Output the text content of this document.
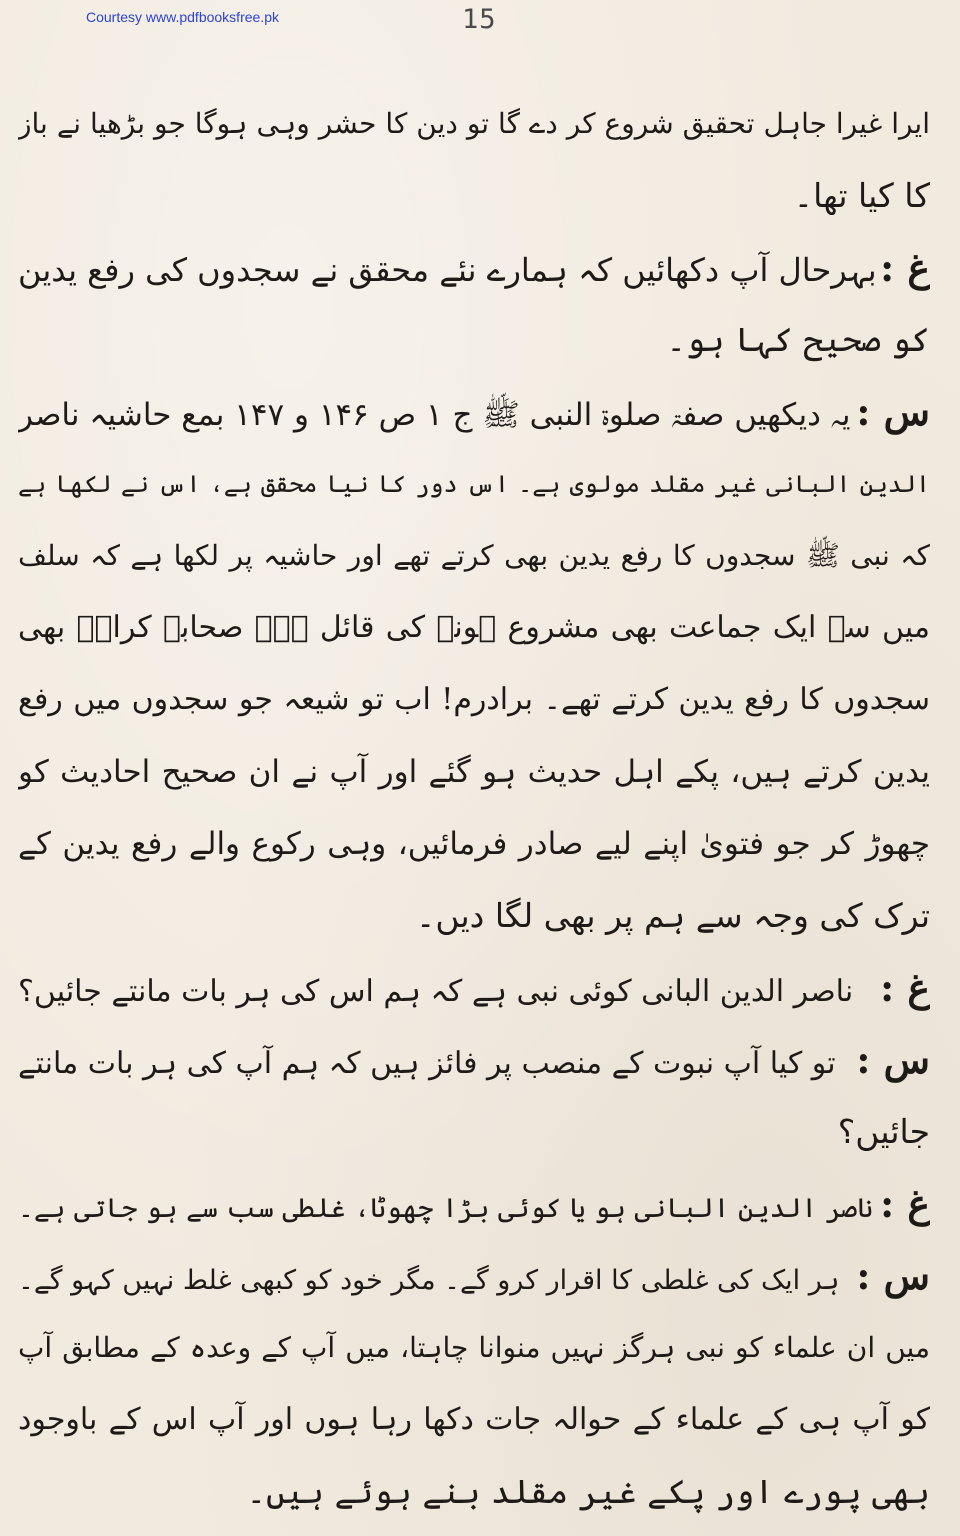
Courtesy www.pdfbooksfree.pk	15
ایرا غیرا جاہل تحقیق شروع کر دے گا تو دین کا حشر وہی ہوگا جو بڑھیا نے باز
کا کیا تھا۔
غ :
بہرحال آپ دکھائیں کہ ہمارے نئے محقق نے سجدوں کی رفع یدین
کو صحیح کہا ہو۔
س :
یہ دیکھیں صفۃ صلوۃ النبی ﷺ ج ۱ ص ۱۴۶ و ۱۴۷ بمع حاشیہ ناصر
الدین البانی غیر مقلد مولوی ہے۔ اس دور کا نیا محقق ہے، اس نے لکھا ہے
کہ نبی ﷺ سجدوں کا رفع یدین بھی کرتے تھے اور حاشیہ پر لکھا ہے کہ سلف
میں سے ایک جماعت بھی مشروع ہونے کی قائل ہے۔ صحابہ کرامؓ بھی
سجدوں کا رفع یدین کرتے تھے۔ برادرم! اب تو شیعہ جو سجدوں میں رفع
یدین کرتے ہیں، پکے اہل حدیث ہو گئے اور آپ نے ان صحیح احادیث کو
چھوڑ کر جو فتویٰ اپنے لیے صادر فرمائیں، وہی رکوع والے رفع یدین کے
ترک کی وجہ سے ہم پر بھی لگا دیں۔
غ :
ناصر الدین البانی کوئی نبی ہے کہ ہم اس کی ہر بات مانتے جائیں؟
س :
تو کیا آپ نبوت کے منصب پر فائز ہیں کہ ہم آپ کی ہر بات مانتے
جائیں؟
غ :
ناصر الدین البانی ہو یا کوئی بڑا چھوٹا، غلطی سب سے ہو جاتی ہے۔
س :
ہر ایک کی غلطی کا اقرار کرو گے۔ مگر خود کو کبھی غلط نہیں کہو گے۔
میں ان علماء کو نبی ہرگز نہیں منوانا چاہتا، میں آپ کے وعدہ کے مطابق آپ
کو آپ ہی کے علماء کے حوالہ جات دکھا رہا ہوں اور آپ اس کے باوجود
بھی پورے اور پکے غیر مقلد بنے ہوئے ہیں۔
